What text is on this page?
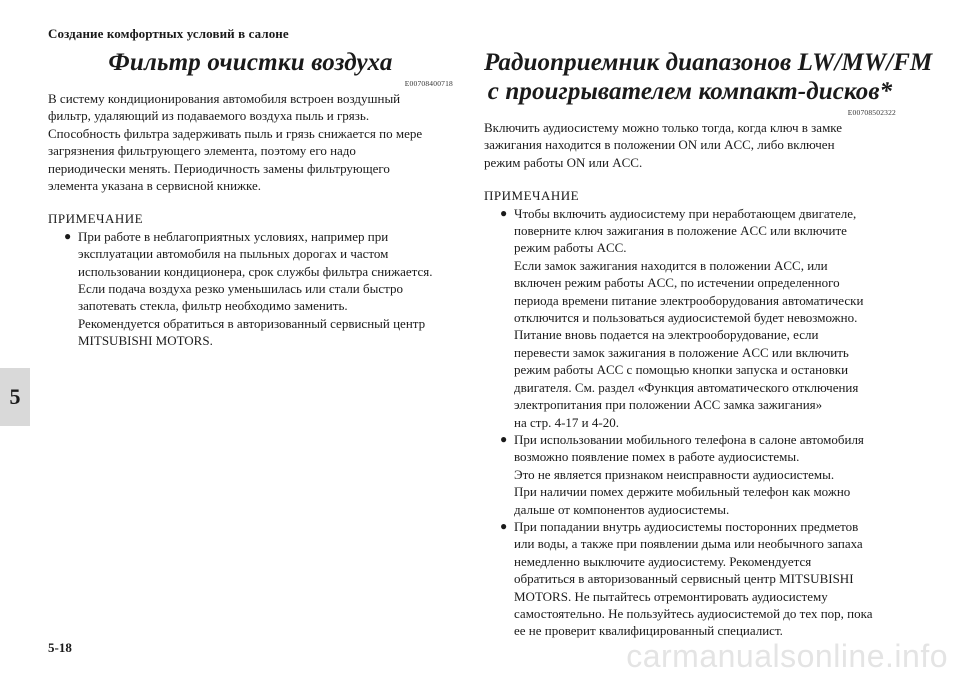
Создание комфортных условий в салоне
5
Фильтр очистки воздуха
E00708400718
В систему кондиционирования автомобиля встроен воздушный
фильтр, удаляющий из подаваемого воздуха пыль и грязь.
Способность фильтра задерживать пыль и грязь снижается по мере
загрязнения фильтрующего элемента, поэтому его надо
периодически менять. Периодичность замены фильтрующего
элемента указана в сервисной книжке.
ПРИМЕЧАНИЕ
● При работе в неблагоприятных условиях, например при
эксплуатации автомобиля на пыльных дорогах и частом
использовании кондиционера, срок службы фильтра снижается.
Если подача воздуха резко уменьшилась или стали быстро
запотевать стекла, фильтр необходимо заменить.
Рекомендуется обратиться в авторизованный сервисный центр
MITSUBISHI MOTORS.
Радиоприемник диапазонов LW/MW/FM
с проигрывателем компакт-дисков*
E00708502322
Включить аудиосистему можно только тогда, когда ключ в замке
зажигания находится в положении ON или ACC, либо включен
режим работы ON или ACC.
ПРИМЕЧАНИЕ
● Чтобы включить аудиосистему при неработающем двигателе,
поверните ключ зажигания в положение ACC или включите
режим работы ACC.
Если замок зажигания находится в положении ACC, или
включен режим работы ACC, по истечении определенного
периода времени питание электрооборудования автоматически
отключится и пользоваться аудиосистемой будет невозможно.
Питание вновь подается на электрооборудование, если
перевести замок зажигания в положение ACC или включить
режим работы ACC с помощью кнопки запуска и остановки
двигателя. См. раздел «Функция автоматического отключения
электропитания при положении ACC замка зажигания»
на стр. 4-17 и 4-20.
● При использовании мобильного телефона в салоне автомобиля
возможно появление помех в работе аудиосистемы.
Это не является признаком неисправности аудиосистемы.
При наличии помех держите мобильный телефон как можно
дальше от компонентов аудиосистемы.
● При попадании внутрь аудиосистемы посторонних предметов
или воды, а также при появлении дыма или необычного запаха
немедленно выключите аудиосистему. Рекомендуется
обратиться в авторизованный сервисный центр MITSUBISHI
MOTORS. Не пытайтесь отремонтировать аудиосистему
самостоятельно. Не пользуйтесь аудиосистемой до тех пор, пока
ее не проверит квалифицированный специалист.
5-18	carmanualsonline.info
